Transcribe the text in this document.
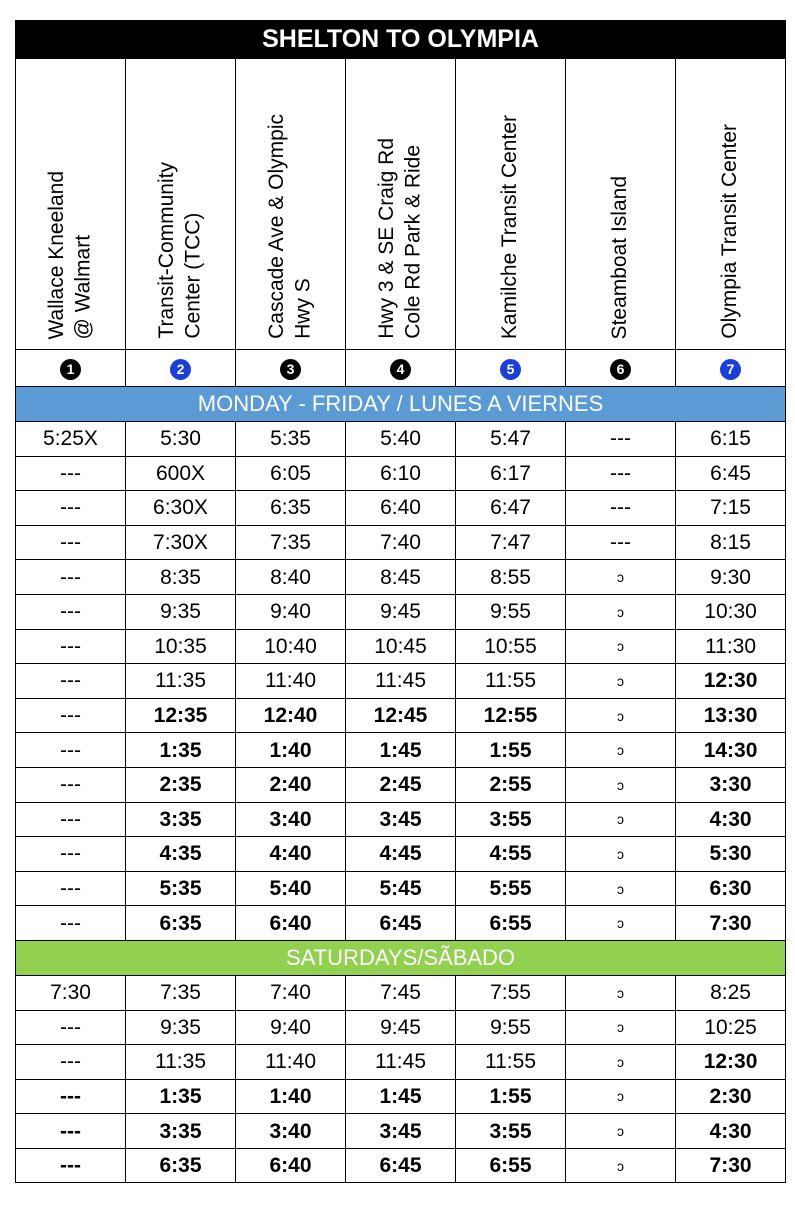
SHELTON TO OLYMPIA						
Wallace Kneeland
@ Walmart	Transit-Community
Center (TCC)	Cascade Ave & Olympic
Hwy S	Hwy 3 & SE Craig Rd
Cole Rd Park & Ride	Kamilche Transit Center	Steamboat Island	Olympia Transit Center
1	2	3	4	5	6	7
MONDAY - FRIDAY / LUNES A VIERNES						
5:25X	5:30	5:35	5:40	5:47	---	6:15
---	600X	6:05	6:10	6:17	---	6:45
---	6:30X	6:35	6:40	6:47	---	7:15
---	7:30X	7:35	7:40	7:47	---	8:15
---	8:35	8:40	8:45	8:55	ↄ	9:30
---	9:35	9:40	9:45	9:55	ↄ	10:30
---	10:35	10:40	10:45	10:55	ↄ	11:30
---	11:35	11:40	11:45	11:55	ↄ	12:30
---	12:35	12:40	12:45	12:55	ↄ	13:30
---	1:35	1:40	1:45	1:55	ↄ	14:30
---	2:35	2:40	2:45	2:55	ↄ	3:30
---	3:35	3:40	3:45	3:55	ↄ	4:30
---	4:35	4:40	4:45	4:55	ↄ	5:30
---	5:35	5:40	5:45	5:55	ↄ	6:30
---	6:35	6:40	6:45	6:55	ↄ	7:30
SATURDAYS/SÃBADO						
7:30	7:35	7:40	7:45	7:55	ↄ	8:25
---	9:35	9:40	9:45	9:55	ↄ	10:25
---	11:35	11:40	11:45	11:55	ↄ	12:30
---	1:35	1:40	1:45	1:55	ↄ	2:30
---	3:35	3:40	3:45	3:55	ↄ	4:30
---	6:35	6:40	6:45	6:55	ↄ	7:30
